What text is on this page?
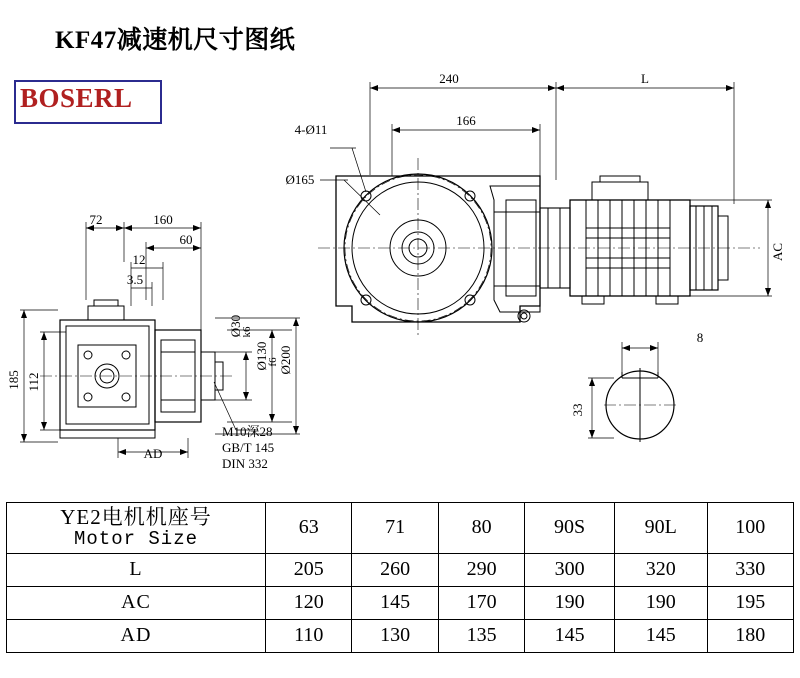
KF47减速机尺寸图纸
BOSERL
240	L
166
4-Ø11
Ø165
AC
72	160
60
12
3.5
185 112
AD
Ø30
k6
Ø130
f6 Ø200
M10深28
GB/T 145
DIN 332
8
33
YE2电机机座号
Motor Size	63	71	80	90S	90L	100
L	205	260	290	300	320	330
AC	120	145	170	190	190	195
AD	110	130	135	145	145	180
